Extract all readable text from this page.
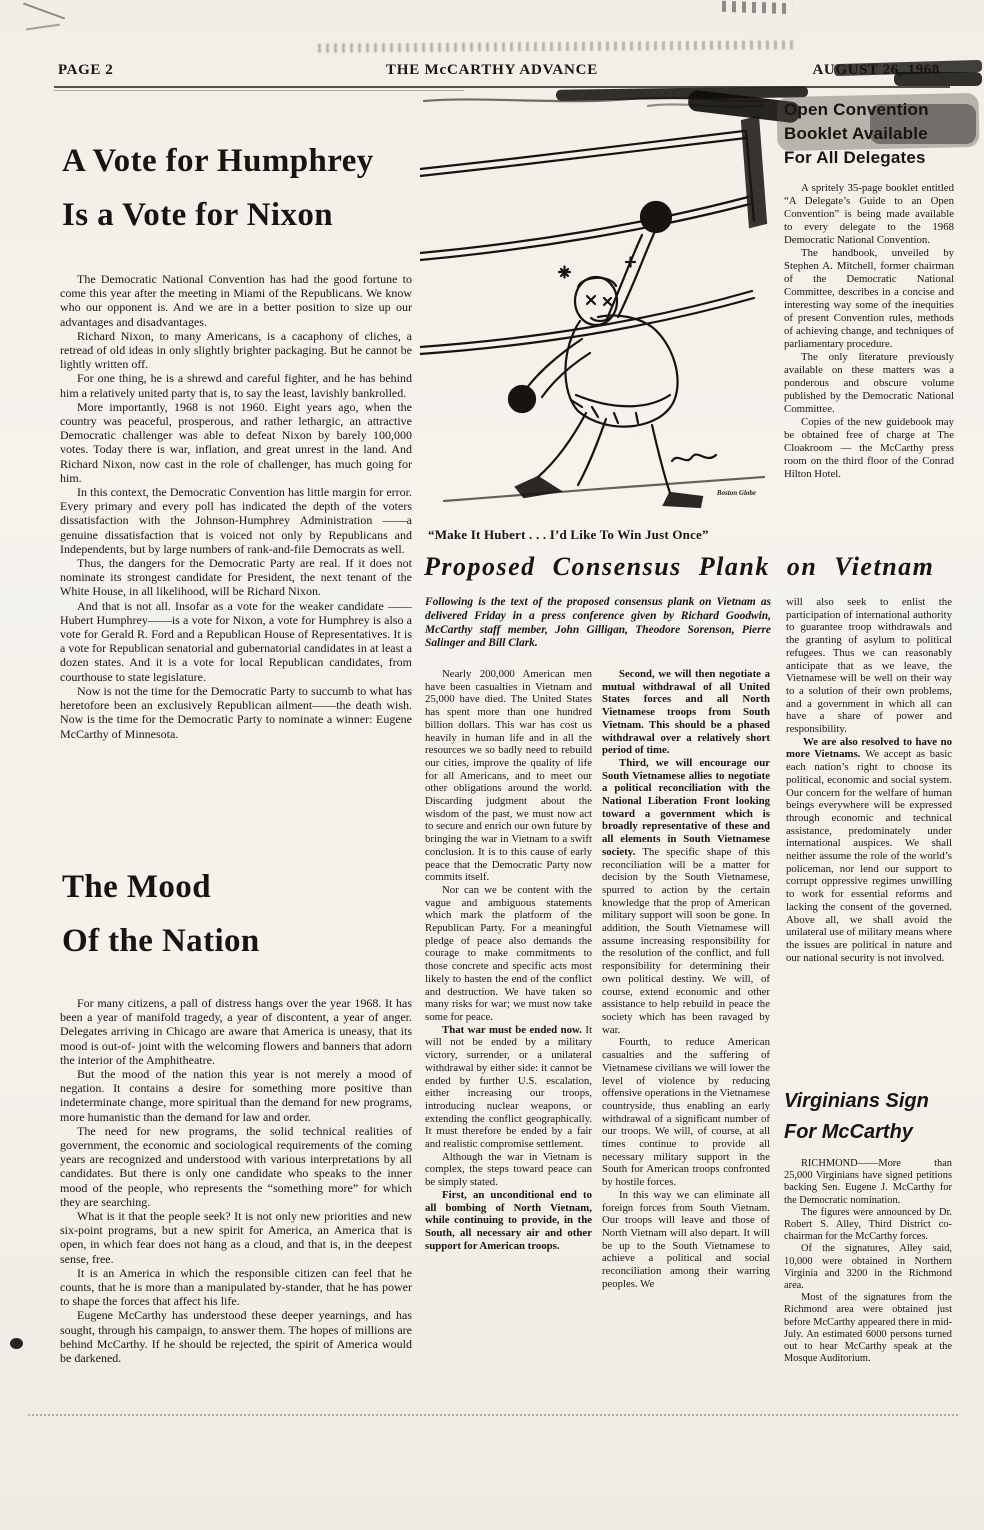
PAGE 2	THE McCARTHY ADVANCE	AUGUST 26, 1968
A Vote for Humphrey
Is a Vote for Nixon

The Democratic National Convention has had the good fortune to come this year after the meeting in Miami of the Republicans. We know who our opponent is. And we are in a better position to size up our advantages and disadvantages.

Richard Nixon, to many Americans, is a cacaphony of cliches, a retread of old ideas in only slightly brighter packaging. But he cannot be lightly written off.

For one thing, he is a shrewd and careful fighter, and he has behind him a relatively united party that is, to say the least, lavishly bankrolled.

More importantly, 1968 is not 1960. Eight years ago, when the country was peaceful, prosperous, and rather lethargic, an attractive Democratic challenger was able to defeat Nixon by barely 100,000 votes. Today there is war, inflation, and great unrest in the land. And Richard Nixon, now cast in the role of challenger, has much going for him.

In this context, the Democratic Convention has little margin for error. Every primary and every poll has indicated the depth of the voters dissatisfaction with the Johnson-Humphrey Administration ——a genuine dissatisfaction that is voiced not only by Republicans and Independents, but by large numbers of rank-and-file Democrats as well.

Thus, the dangers for the Democratic Party are real. If it does not nominate its strongest candidate for President, the next tenant of the White House, in all likelihood, will be Richard Nixon.

And that is not all. Insofar as a vote for the weaker candidate ——Hubert Humphrey——is a vote for Nixon, a vote for Humphrey is also a vote for Gerald R. Ford and a Republican House of Representatives. It is a vote for Republican senatorial and gubernatorial candidates in at least a dozen states. And it is a vote for local Republican candidates, from courthouse to state legislature.

Now is not the time for the Democratic Party to succumb to what has heretofore been an exclusively Republican ailment——the death wish. Now is the time for the Democratic Party to nominate a winner: Eugene McCarthy of Minnesota.

The Mood
Of the Nation

For many citizens, a pall of distress hangs over the year 1968. It has been a year of manifold tragedy, a year of discontent, a year of anger. Delegates arriving in Chicago are aware that America is uneasy, that its mood is out-of- joint with the welcoming flowers and banners that adorn the interior of the Amphitheatre.

But the mood of the nation this year is not merely a mood of negation. It contains a desire for something more positive than indeterminate change, more spiritual than the demand for new programs, more humanistic than the demand for law and order.

The need for new programs, the solid technical realities of government, the economic and sociological requirements of the coming years are recognized and understood with various interpretations by all candidates. But there is only one candidate who speaks to the inner mood of the people, who represents the “something more” for which they are searching.

What is it that the people seek? It is not only new priorities and new six-point programs, but a new spirit for America, an America that is open, in which fear does not hang as a cloud, and that is, in the deepest sense, free.

It is an America in which the responsible citizen can feel that he counts, that he is more than a manipulated by-stander, that he has power to shape the forces that affect his life.

Eugene McCarthy has understood these deeper yearnings, and has sought, through his campaign, to answer them. The hopes of millions are behind McCarthy. If he should be rejected, the spirit of America would be darkened.

Boston Globe
“Make It Hubert . . . I’d Like To Win Just Once”
Open Convention
Booklet Available
For All Delegates

A spritely 35-page booklet entitled “A Delegate’s Guide to an Open Convention” is being made available to every delegate to the 1968 Democratic National Convention.

The handbook, unveiled by Stephen A. Mitchell, former chairman of the Democratic National Committee, describes in a concise and interesting way some of the inequities of present Convention rules, methods of achieving change, and techniques of parliamentary procedure.

The only literature previously available on these matters was a ponderous and obscure volume published by the Democratic National Committee.

Copies of the new guidebook may be obtained free of charge at The Cloakroom — the McCarthy press room on the third floor of the Conrad Hilton Hotel.

Proposed Consensus Plank on Vietnam

Following is the text of the proposed consensus plank on Vietnam as delivered Friday in a press conference given by Richard Goodwin, McCarthy staff member, John Gilligan, Theodore Sorenson, Pierre Salinger and Bill Clark.

Nearly 200,000 American men have been casualties in Vietnam and 25,000 have died. The United States has spent more than one hundred billion dollars. This war has cost us heavily in human life and in all the resources we so badly need to rebuild our cities, improve the quality of life for all Americans, and to meet our other obligations around the world. Discarding judgment about the wisdom of the past, we must now act to secure and enrich our own future by bringing the war in Vietnam to a swift conclusion. It is to this cause of early peace that the Democratic Party now commits itself.

Nor can we be content with the vague and ambiguous statements which mark the platform of the Republican Party. For a meaningful pledge of peace also demands the courage to make commitments to those concrete and specific acts most likely to hasten the end of the conflict and destruction. We have taken so many risks for war; we must now take some for peace.

That war must be ended now. It will not be ended by a military victory, surrender, or a unilateral withdrawal by either side: it cannot be ended by further U.S. escalation, either increasing our troops, introducing nuclear weapons, or extending the conflict geographically. It must therefore be ended by a fair and realistic compromise settlement.

Although the war in Vietnam is complex, the steps toward peace can be simply stated.

First, an unconditional end to all bombing of North Vietnam, while continuing to provide, in the South, all necessary air and other support for American troops.

Second, we will then negotiate a mutual withdrawal of all United States forces and all North Vietnamese troops from South Vietnam. This should be a phased withdrawal over a relatively short period of time.

Third, we will encourage our South Vietnamese allies to negotiate a political reconciliation with the National Liberation Front looking toward a government which is broadly representative of these and all elements in South Vietnamese society. The specific shape of this reconciliation will be a matter for decision by the South Vietnamese, spurred to action by the certain knowledge that the prop of American military support will soon be gone. In addition, the South Vietnamese will assume increasing responsibility for the resolution of the conflict, and full responsibility for determining their own political destiny. We will, of course, extend economic and other assistance to help rebuild in peace the society which has been ravaged by war.

Fourth, to reduce American casualties and the suffering of Vietnamese civilians we will lower the level of violence by reducing offensive operations in the Vietnamese countryside, thus enabling an early withdrawal of a significant number of our troops. We will, of course, at all times continue to provide all necessary military support in the South for American troops confronted by hostile forces.

In this way we can eliminate all foreign forces from South Vietnam. Our troops will leave and those of North Vietnam will also depart. It will be up to the South Vietnamese to achieve a political and social reconciliation among their warring peoples. We

will also seek to enlist the participation of international authority to guarantee troop withdrawals and the granting of asylum to political refugees. Thus we can reasonably anticipate that as we leave, the Vietnamese will be well on their way to a solution of their own problems, and a government in which all can have a share of power and responsibility.

We are also resolved to have no more Vietnams. We accept as basic each nation’s right to choose its political, economic and social system. Our concern for the welfare of human beings everywhere will be expressed through economic and technical assistance, predominately under international auspices. We shall neither assume the role of the world’s policeman, nor lend our support to corrupt oppressive regimes unwilling to work for essential reforms and lacking the consent of the governed. Above all, we shall avoid the unilateral use of military means where the issues are political in nature and our national security is not involved.

Virginians Sign
For McCarthy

RICHMOND——More than 25,000 Virginians have signed petitions backing Sen. Eugene J. McCarthy for the Democratic nomination.

The figures were announced by Dr. Robert S. Alley, Third District co-chairman for the McCarthy forces.

Of the signatures, Alley said, 10,000 were obtained in Northern Virginia and 3200 in the Richmond area.

Most of the signatures from the Richmond area were obtained just before McCarthy appeared there in mid-July. An estimated 6000 persons turned out to hear McCarthy speak at the Mosque Auditorium.
